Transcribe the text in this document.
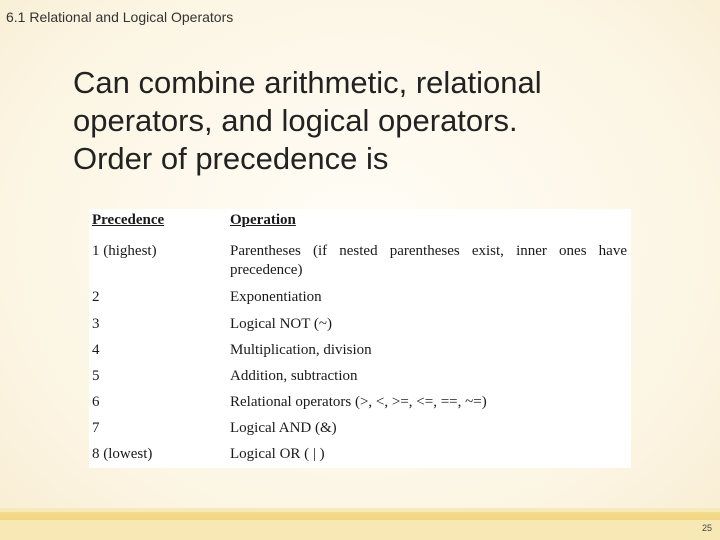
6.1 Relational and Logical Operators
Can combine arithmetic, relational
operators, and logical operators.
Order of precedence is
Precedence	Operation
1 (highest)	Parentheses (if nested parentheses exist, inner ones have precedence)
2	Exponentiation
3	Logical NOT (~)
4	Multiplication, division
5	Addition, subtraction
6	Relational operators (>, <, >=, <=, ==, ~=)
7	Logical AND (&)
8 (lowest)	Logical OR ( | )
25
